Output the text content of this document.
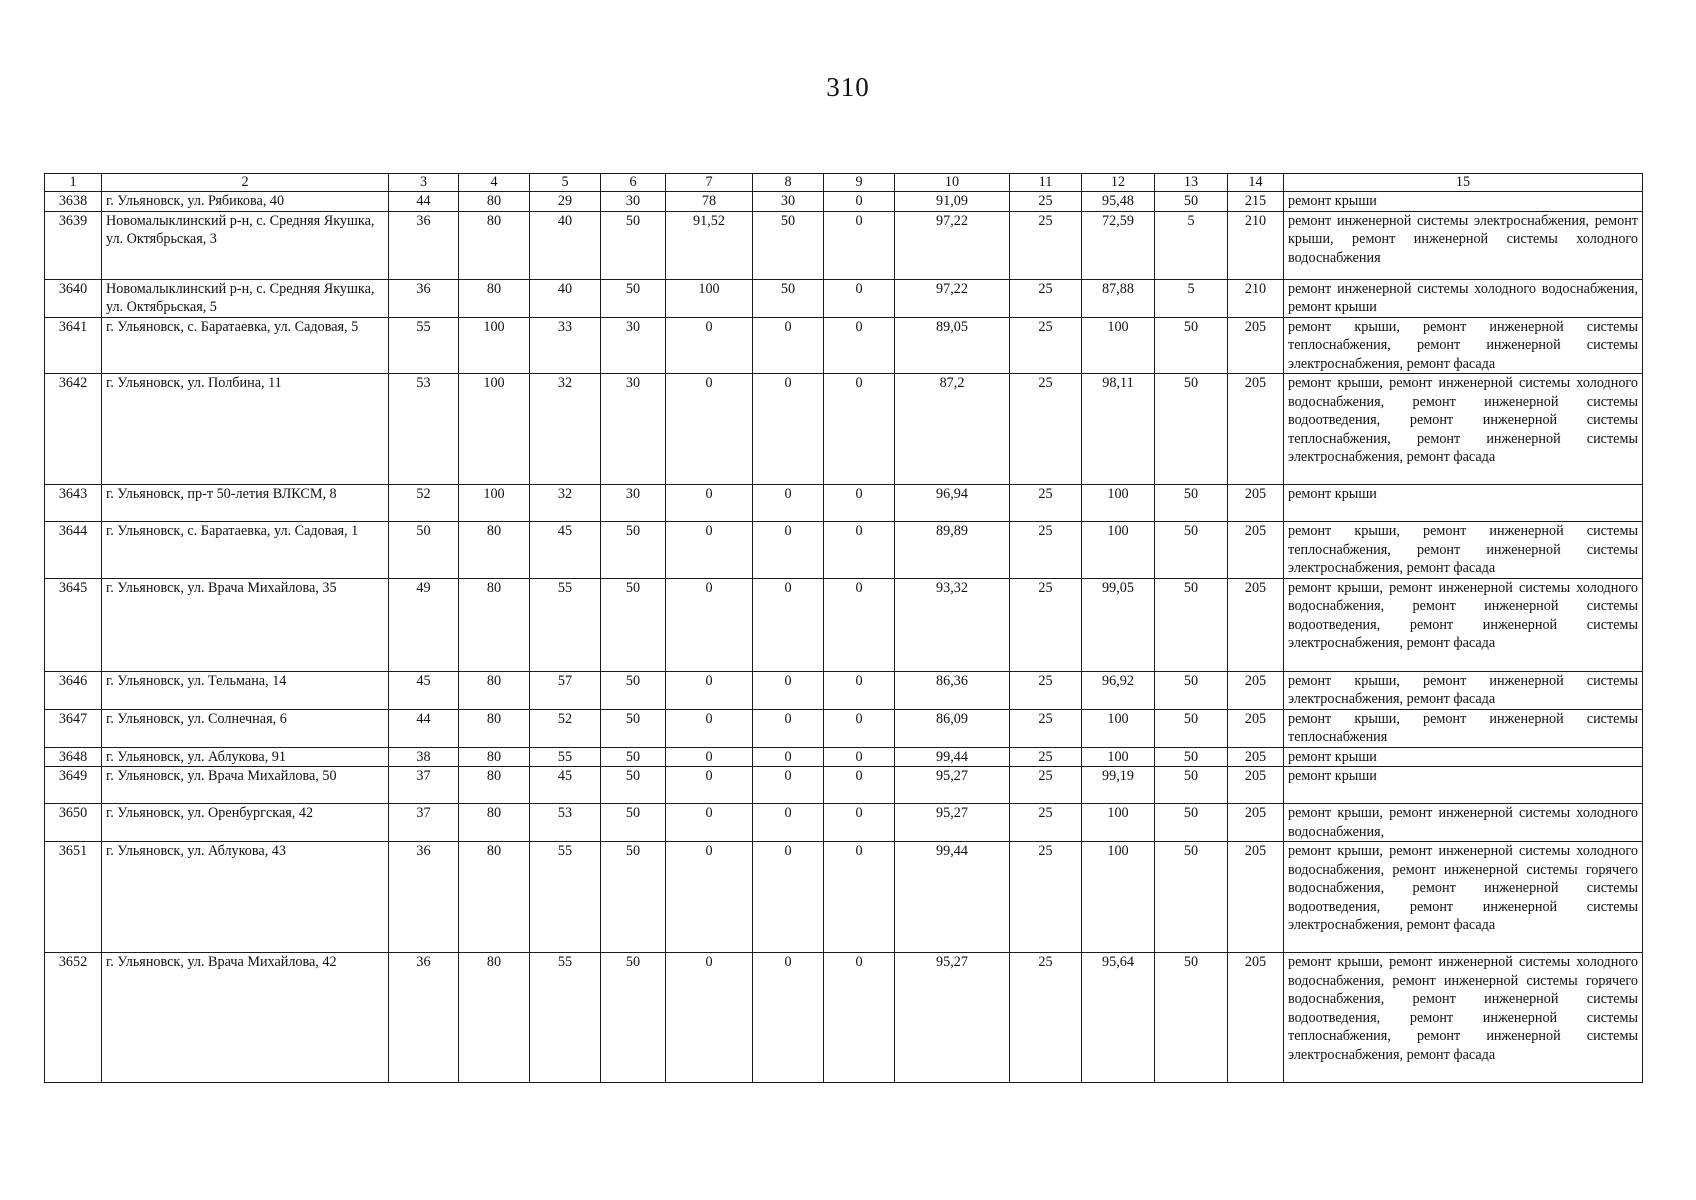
310
1	2	3	4	5	6	7	8	9	10	11	12	13	14	15
3638	г. Ульяновск, ул. Рябикова, 40	44	80	29	30	78	30	0	91,09	25	95,48	50	215	ремонт крыши
3639	Новомалыклинский р-н, с. Средняя Якушка, ул. Октябрьская, 3	36	80	40	50	91,52	50	0	97,22	25	72,59	5	210	ремонт инженерной системы электроснабжения, ремонт крыши, ремонт инженерной системы холодного водоснабжения
3640	Новомалыклинский р-н, с. Средняя Якушка, ул. Октябрьская, 5	36	80	40	50	100	50	0	97,22	25	87,88	5	210	ремонт инженерной системы холодного водоснабжения, ремонт крыши
3641	г. Ульяновск, с. Баратаевка, ул. Садовая, 5	55	100	33	30	0	0	0	89,05	25	100	50	205	ремонт крыши, ремонт инженерной системы теплоснабжения, ремонт инженерной системы электроснабжения, ремонт фасада
3642	г. Ульяновск, ул. Полбина, 11	53	100	32	30	0	0	0	87,2	25	98,11	50	205	ремонт крыши, ремонт инженерной системы холодного водоснабжения, ремонт инженерной системы водоотведения, ремонт инженерной системы теплоснабжения, ремонт инженерной системы электроснабжения, ремонт фасада
3643	г. Ульяновск, пр-т 50-летия ВЛКСМ, 8	52	100	32	30	0	0	0	96,94	25	100	50	205	ремонт крыши
3644	г. Ульяновск, с. Баратаевка, ул. Садовая, 1	50	80	45	50	0	0	0	89,89	25	100	50	205	ремонт крыши, ремонт инженерной системы теплоснабжения, ремонт инженерной системы электроснабжения, ремонт фасада
3645	г. Ульяновск, ул. Врача Михайлова, 35	49	80	55	50	0	0	0	93,32	25	99,05	50	205	ремонт крыши, ремонт инженерной системы холодного водоснабжения, ремонт инженерной системы водоотведения, ремонт инженерной системы электроснабжения, ремонт фасада
3646	г. Ульяновск, ул. Тельмана, 14	45	80	57	50	0	0	0	86,36	25	96,92	50	205	ремонт крыши, ремонт инженерной системы электроснабжения, ремонт фасада
3647	г. Ульяновск, ул. Солнечная, 6	44	80	52	50	0	0	0	86,09	25	100	50	205	ремонт крыши, ремонт инженерной системы теплоснабжения
3648	г. Ульяновск, ул. Аблукова, 91	38	80	55	50	0	0	0	99,44	25	100	50	205	ремонт крыши
3649	г. Ульяновск, ул. Врача Михайлова, 50	37	80	45	50	0	0	0	95,27	25	99,19	50	205	ремонт крыши
3650	г. Ульяновск, ул. Оренбургская, 42	37	80	53	50	0	0	0	95,27	25	100	50	205	ремонт крыши, ремонт инженерной системы холодного водоснабжения,
3651	г. Ульяновск, ул. Аблукова, 43	36	80	55	50	0	0	0	99,44	25	100	50	205	ремонт крыши, ремонт инженерной системы холодного водоснабжения, ремонт инженерной системы горячего водоснабжения, ремонт инженерной системы водоотведения, ремонт инженерной системы электроснабжения, ремонт фасада
3652	г. Ульяновск, ул. Врача Михайлова, 42	36	80	55	50	0	0	0	95,27	25	95,64	50	205	ремонт крыши, ремонт инженерной системы холодного водоснабжения, ремонт инженерной системы горячего водоснабжения, ремонт инженерной системы водоотведения, ремонт инженерной системы теплоснабжения, ремонт инженерной системы электроснабжения, ремонт фасада
